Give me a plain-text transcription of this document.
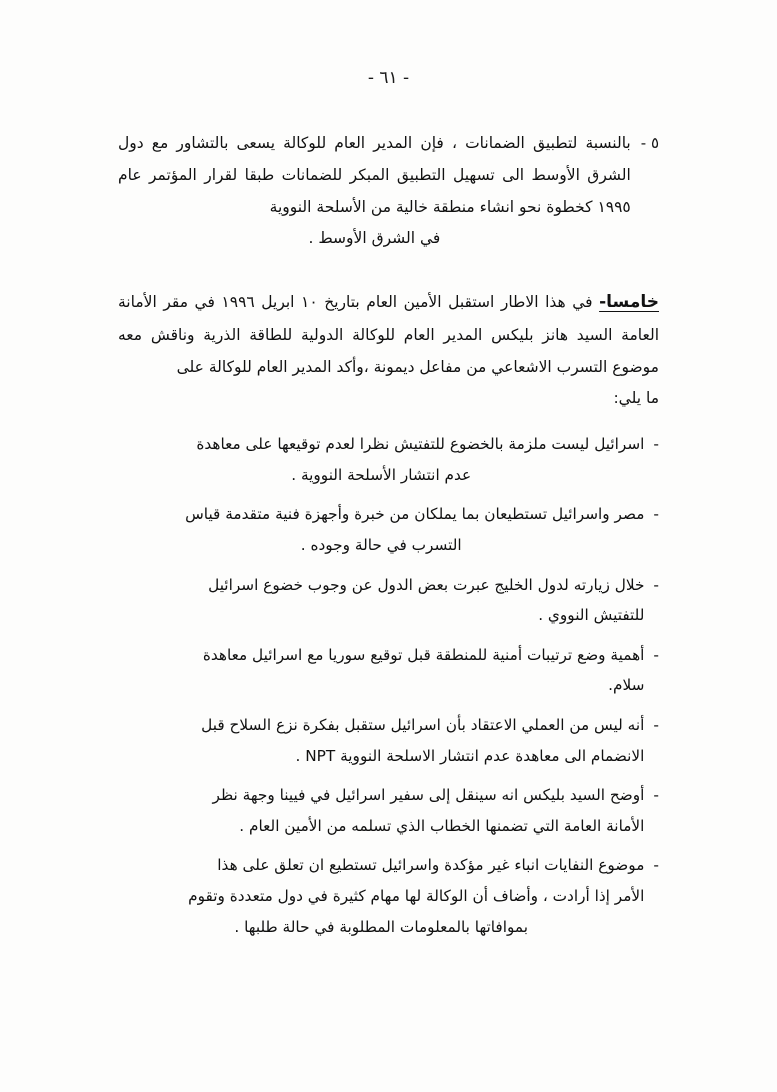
- ٦١ -
٥ -
بالنسبة لتطبيق الضمانات ، فإن المدير العام للوكالة يسعى بالتشاور مع دول الشرق الأوسط الى تسهيل التطبيق المبكر للضمانات طبقا لقرار المؤتمر عام ١٩٩٥ كخطوة نحو انشاء منطقة خالية من الأسلحة النووية
في الشرق الأوسط .
خامسا- في هذا الاطار استقبل الأمين العام بتاريخ ١٠ ابريل ١٩٩٦ في مقر الأمانة العامة السيد هانز بليكس المدير العام للوكالة الدولية للطاقة الذرية وناقش معه موضوع التسرب الاشعاعي من مفاعل ديمونة ،وأكد المدير العام للوكالة على
ما يلي:
-
اسرائيل ليست ملزمة بالخضوع للتفتيش نظرا لعدم توقيعها على معاهدة
عدم انتشار الأسلحة النووية .
-
مصر واسرائيل تستطيعان بما يملكان من خبرة وأجهزة فنية متقدمة قياس
التسرب في حالة وجوده .
-
خلال زيارته لدول الخليج عبرت بعض الدول عن وجوب خضوع اسرائيل
للتفتيش النووي .
-
أهمية وضع ترتيبات أمنية للمنطقة قبل توقيع سوريا مع اسرائيل معاهدة
سلام.
-
أنه ليس من العملي الاعتقاد بأن اسرائيل ستقبل بفكرة نزع السلاح قبل
الانضمام الى معاهدة عدم انتشار الاسلحة النووية NPT .
-
أوضح السيد بليكس انه سينقل إلى سفير اسرائيل في فيينا وجهة نظر
الأمانة العامة التي تضمنها الخطاب الذي تسلمه من الأمين العام .
-
موضوع النفايات انباء غير مؤكدة واسرائيل تستطيع ان تعلق على هذا
الأمر إذا أرادت ، وأضاف أن الوكالة لها مهام كثيرة في دول متعددة وتقوم
بموافاتها بالمعلومات المطلوبة في حالة طلبها .
